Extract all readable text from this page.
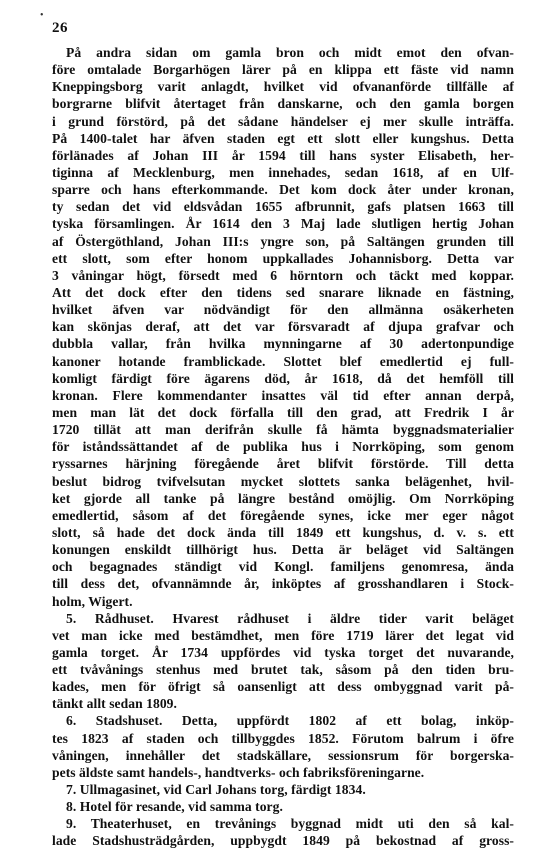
•
26
På andra sidan om gamla bron och midt emot den ofvan-
före omtalade Borgarhögen lärer på en klippa ett fäste vid namn
Kneppingsborg varit anlagdt, hvilket vid ofvananförde tillfälle af
borgrarne blifvit återtaget från danskarne, och den gamla borgen
i grund förstörd, på det sådane händelser ej mer skulle inträffa.
På 1400-talet har äfven staden egt ett slott eller kungshus. Detta
förlänades af Johan III år 1594 till hans syster Elisabeth, her-
tiginna af Mecklenburg, men innehades, sedan 1618, af en Ulf-
sparre och hans efterkommande. Det kom dock åter under kronan,
ty sedan det vid eldsvådan 1655 afbrunnit, gafs platsen 1663 till
tyska församlingen. År 1614 den 3 Maj lade slutligen hertig Johan
af Östergöthland, Johan III:s yngre son, på Saltängen grunden till
ett slott, som efter honom uppkallades Johannisborg. Detta var
3 våningar högt, försedt med 6 hörntorn och täckt med koppar.
Att det dock efter den tidens sed snarare liknade en fästning,
hvilket äfven var nödvändigt för den allmänna osäkerheten
kan skönjas deraf, att det var försvaradt af djupa grafvar och
dubbla vallar, från hvilka mynningarne af 30 adertonpundige
kanoner hotande framblickade. Slottet blef emedlertid ej full-
komligt färdigt före ägarens död, år 1618, då det hemföll till
kronan. Flere kommendanter insattes väl tid efter annan derpå,
men man lät det dock förfalla till den grad, att Fredrik I år
1720 tillät att man derifrån skulle få hämta byggnadsmaterialier
för iståndssättandet af de publika hus i Norrköping, som genom
ryssarnes härjning föregående året blifvit förstörde. Till detta
beslut bidrog tvifvelsutan mycket slottets sanka belägenhet, hvil-
ket gjorde all tanke på längre bestånd omöjlig. Om Norrköping
emedlertid, såsom af det föregående synes, icke mer eger något
slott, så hade det dock ända till 1849 ett kungshus, d. v. s. ett
konungen enskildt tillhörigt hus. Detta är beläget vid Saltängen
och begagnades ständigt vid Kongl. familjens genomresa, ända
till dess det, ofvannämnde år, inköptes af grosshandlaren i Stock-
holm, Wigert.
5. Rådhuset. Hvarest rådhuset i äldre tider varit beläget
vet man icke med bestämdhet, men före 1719 lärer det legat vid
gamla torget. År 1734 uppfördes vid tyska torget det nuvarande,
ett tvåvånings stenhus med brutet tak, såsom på den tiden bru-
kades, men för öfrigt så oansenligt att dess ombyggnad varit på-
tänkt allt sedan 1809.
6. Stadshuset. Detta, uppfördt 1802 af ett bolag, inköp-
tes 1823 af staden och tillbyggdes 1852. Förutom balrum i öfre
våningen, innehåller det stadskällare, sessionsrum för borgerska-
pets äldste samt handels-, handtverks- och fabriksföreningarne.
7. Ullmagasinet, vid Carl Johans torg, färdigt 1834.
8. Hotel för resande, vid samma torg.
9. Theaterhuset, en trevånings byggnad midt uti den så kal-
lade Stadshusträdgården, uppbygdt 1849 på bekostnad af gross-
